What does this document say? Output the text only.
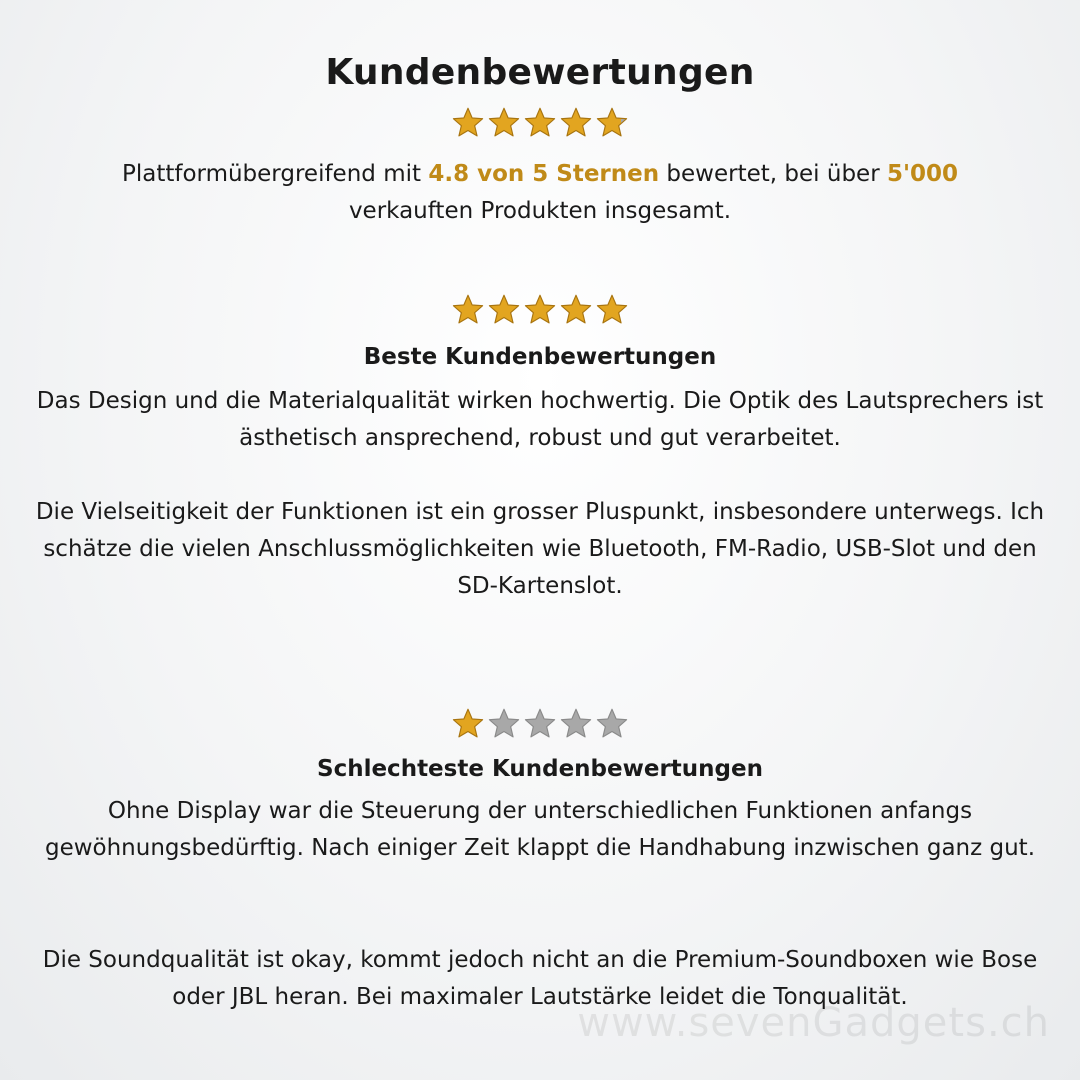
Kundenbewertungen
Plattformübergreifend mit 4.8 von 5 Sternen bewertet, bei über 5'000
verkauften Produkten insgesamt.
Beste Kundenbewertungen
Das Design und die Materialqualität wirken hochwertig. Die Optik des Lautsprechers ist ästhetisch ansprechend, robust und gut verarbeitet.
Die Vielseitigkeit der Funktionen ist ein grosser Pluspunkt, insbesondere unterwegs. Ich schätze die vielen Anschlussmöglichkeiten wie Bluetooth, FM-Radio, USB-Slot und den SD-Kartenslot.
Schlechteste Kundenbewertungen
Ohne Display war die Steuerung der unterschiedlichen Funktionen anfangs gewöhnungsbedürftig. Nach einiger Zeit klappt die Handhabung inzwischen ganz gut.
Die Soundqualität ist okay, kommt jedoch nicht an die Premium-Soundboxen wie Bose oder JBL heran. Bei maximaler Lautstärke leidet die Tonqualität.
www.sevenGadgets.ch
